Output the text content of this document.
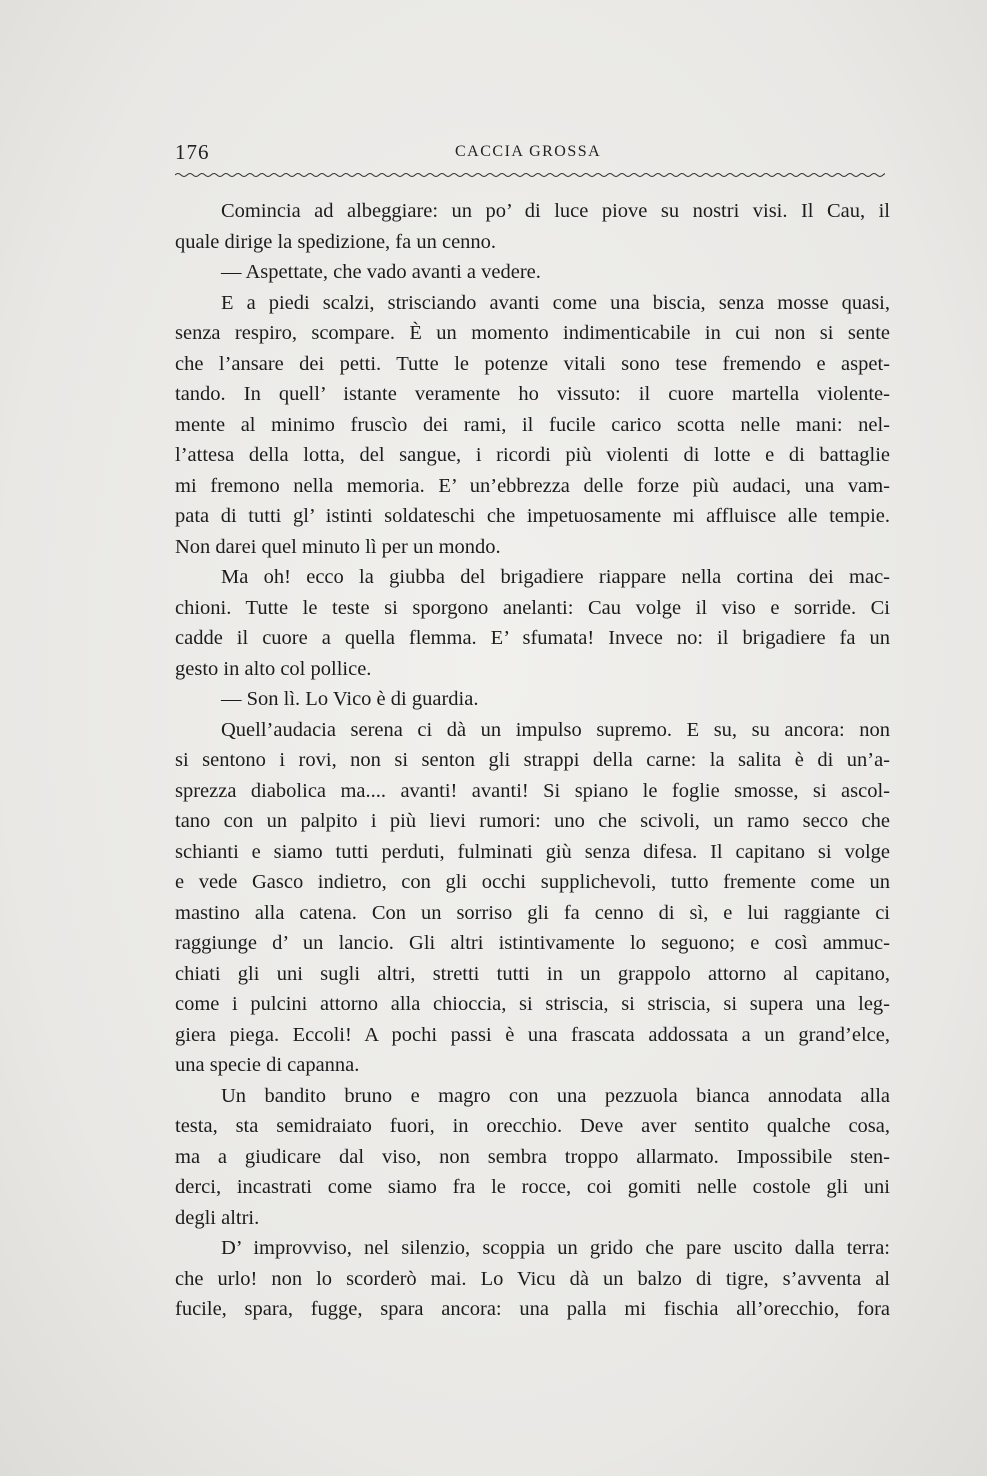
176	CACCIA GROSSA
Comincia ad albeggiare: un po’ di luce piove su nostri visi. Il Cau, il
quale dirige la spedizione, fa un cenno.
— Aspettate, che vado avanti a vedere.
E a piedi scalzi, strisciando avanti come una biscia, senza mosse quasi,
senza respiro, scompare. È un momento indimenticabile in cui non si sente
che l’ansare dei petti. Tutte le potenze vitali sono tese fremendo e aspet-
tando. In quell’ istante veramente ho vissuto: il cuore martella violente-
mente al minimo fruscìo dei rami, il fucile carico scotta nelle mani: nel-
l’attesa della lotta, del sangue, i ricordi più violenti di lotte e di battaglie
mi fremono nella memoria. E’ un’ebbrezza delle forze più audaci, una vam-
pata di tutti gl’ istinti soldateschi che impetuosamente mi affluisce alle tempie.
Non darei quel minuto lì per un mondo.
Ma oh! ecco la giubba del brigadiere riappare nella cortina dei mac-
chioni. Tutte le teste si sporgono anelanti: Cau volge il viso e sorride. Ci
cadde il cuore a quella flemma. E’ sfumata! Invece no: il brigadiere fa un
gesto in alto col pollice.
— Son lì. Lo Vico è di guardia.
Quell’audacia serena ci dà un impulso supremo. E su, su ancora: non
si sentono i rovi, non si senton gli strappi della carne: la salita è di un’a-
sprezza diabolica ma.... avanti! avanti! Si spiano le foglie smosse, si ascol-
tano con un palpito i più lievi rumori: uno che scivoli, un ramo secco che
schianti e siamo tutti perduti, fulminati giù senza difesa. Il capitano si volge
e vede Gasco indietro, con gli occhi supplichevoli, tutto fremente come un
mastino alla catena. Con un sorriso gli fa cenno di sì, e lui raggiante ci
raggiunge d’ un lancio. Gli altri istintivamente lo seguono; e così ammuc-
chiati gli uni sugli altri, stretti tutti in un grappolo attorno al capitano,
come i pulcini attorno alla chioccia, si striscia, si striscia, si supera una leg-
giera piega. Eccoli! A pochi passi è una frascata addossata a un grand’elce,
una specie di capanna.
Un bandito bruno e magro con una pezzuola bianca annodata alla
testa, sta semidraiato fuori, in orecchio. Deve aver sentito qualche cosa,
ma a giudicare dal viso, non sembra troppo allarmato. Impossibile sten-
derci, incastrati come siamo fra le rocce, coi gomiti nelle costole gli uni
degli altri.
D’ improvviso, nel silenzio, scoppia un grido che pare uscito dalla terra:
che urlo! non lo scorderò mai. Lo Vicu dà un balzo di tigre, s’avventa al
fucile, spara, fugge, spara ancora: una palla mi fischia all’orecchio, fora
